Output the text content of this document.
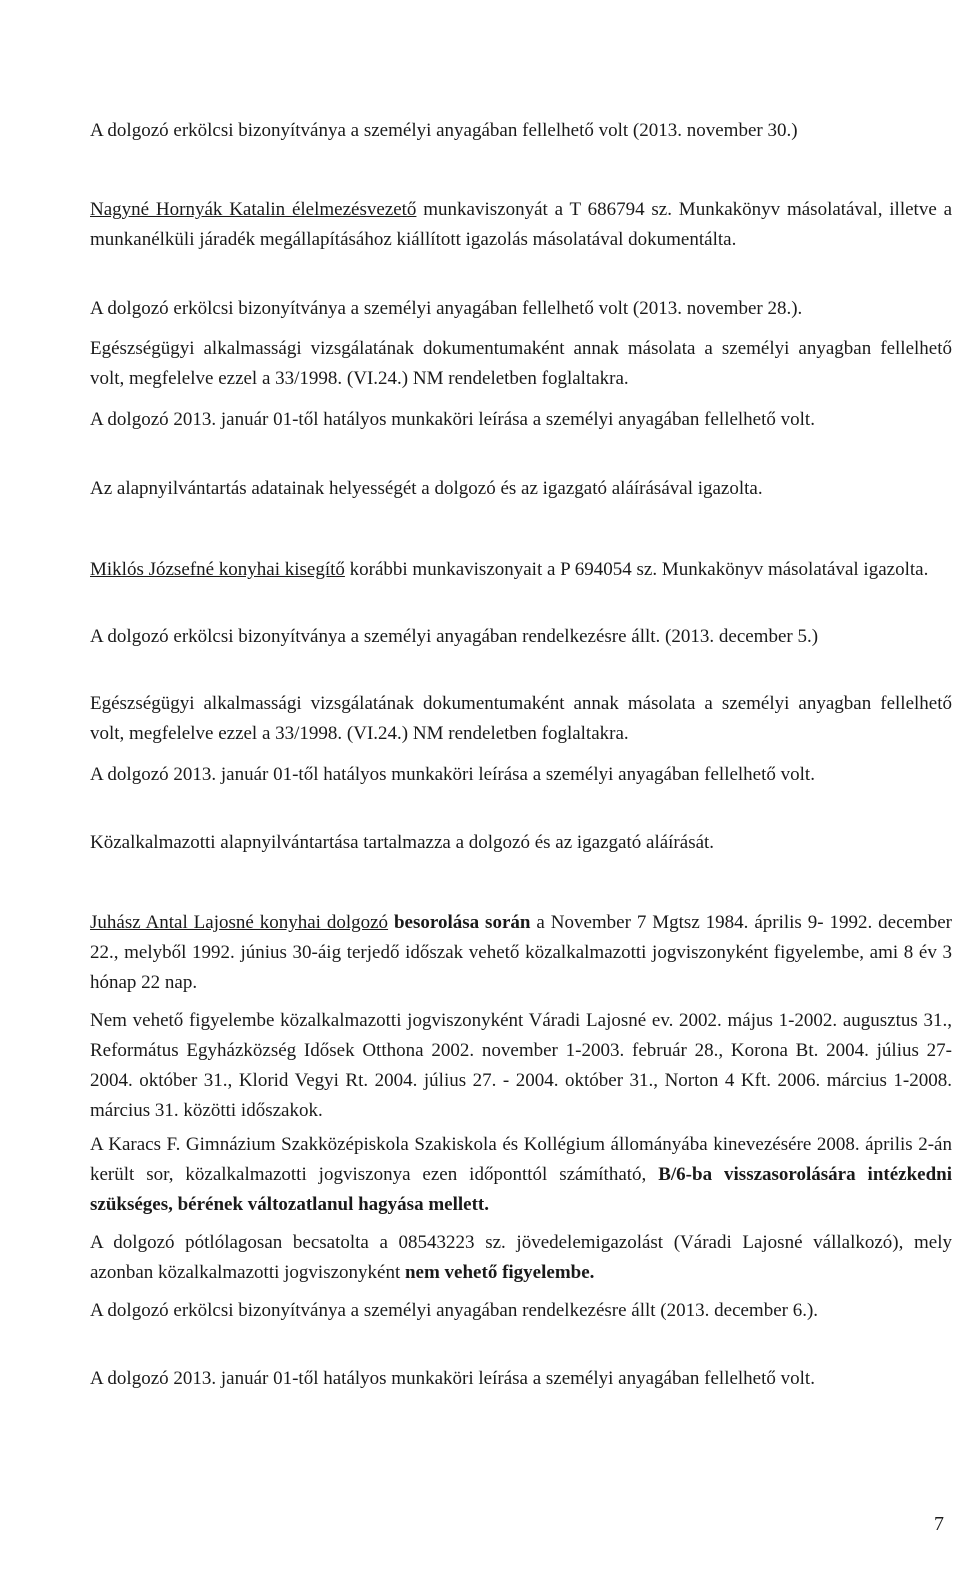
A dolgozó erkölcsi bizonyítványa a személyi anyagában fellelhető volt (2013. november 30.)

Nagyné Hornyák Katalin élelmezésvezető munkaviszonyát a T 686794 sz. Munkakönyv másolatával, illetve a munkanélküli járadék megállapításához kiállított igazolás másolatával dokumentálta.

A dolgozó erkölcsi bizonyítványa a személyi anyagában fellelhető volt (2013. november 28.).

Egészségügyi alkalmassági vizsgálatának dokumentumaként annak másolata a személyi anyagban fellelhető volt, megfelelve ezzel a 33/1998. (VI.24.) NM rendeletben foglaltakra.

A dolgozó 2013. január 01-től hatályos munkaköri leírása a személyi anyagában fellelhető volt.

Az alapnyilvántartás adatainak helyességét a dolgozó és az igazgató aláírásával igazolta.

Miklós Józsefné konyhai kisegítő korábbi munkaviszonyait a P 694054 sz. Munkakönyv másolatával igazolta.

A dolgozó erkölcsi bizonyítványa a személyi anyagában rendelkezésre állt. (2013. december 5.)

Egészségügyi alkalmassági vizsgálatának dokumentumaként annak másolata a személyi anyagban fellelhető volt, megfelelve ezzel a 33/1998. (VI.24.) NM rendeletben foglaltakra.

A dolgozó 2013. január 01-től hatályos munkaköri leírása a személyi anyagában fellelhető volt.

Közalkalmazotti alapnyilvántartása tartalmazza a dolgozó és az igazgató aláírását.

Juhász Antal Lajosné konyhai dolgozó besorolása során a November 7 Mgtsz 1984. április 9- 1992. december 22., melyből 1992. június 30-áig terjedő időszak vehető közalkalmazotti jogviszonyként figyelembe, ami 8 év 3 hónap 22 nap.

Nem vehető figyelembe közalkalmazotti jogviszonyként Váradi Lajosné ev. 2002. május 1-2002. augusztus 31., Református Egyházközség Idősek Otthona 2002. november 1-2003. február 28., Korona Bt. 2004. július 27-2004. október 31., Klorid Vegyi Rt. 2004. július 27. - 2004. október 31., Norton 4 Kft. 2006. március 1-2008. március 31. közötti időszakok.

A Karacs F. Gimnázium Szakközépiskola Szakiskola és Kollégium állományába kinevezésére 2008. április 2-án került sor, közalkalmazotti jogviszonya ezen időponttól számítható, B/6-ba visszasorolására intézkedni szükséges, bérének változatlanul hagyása mellett.

A dolgozó pótlólagosan becsatolta a 08543223 sz. jövedelemigazolást (Váradi Lajosné vállalkozó), mely azonban közalkalmazotti jogviszonyként nem vehető figyelembe.

A dolgozó erkölcsi bizonyítványa a személyi anyagában rendelkezésre állt (2013. december 6.).

A dolgozó 2013. január 01-től hatályos munkaköri leírása a személyi anyagában fellelhető volt.

7
